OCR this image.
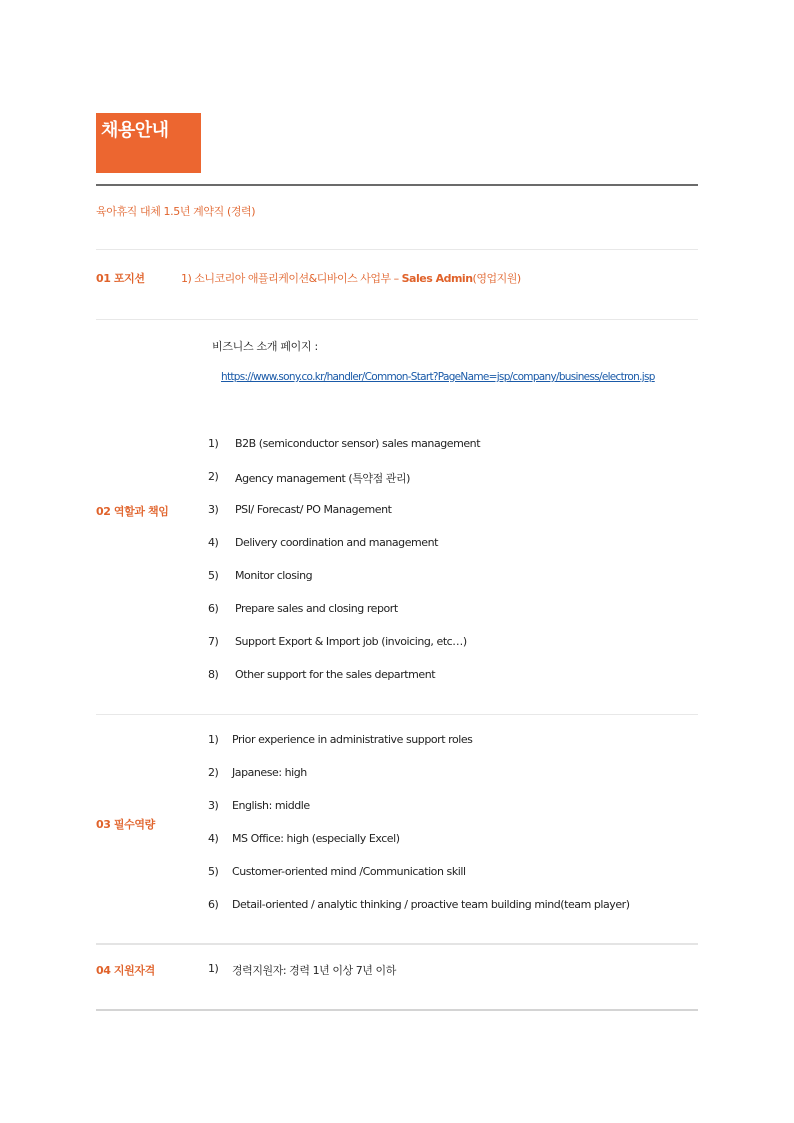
채용안내
육아휴직 대체 1.5년 계약직 (경력)
01 포지션	1) 소니코리아 애플리케이션&디바이스 사업부 – Sales Admin(영업지원)
비즈니스 소개 페이지 :
https://www.sony.co.kr/handler/Common-Start?PageName=jsp/company/business/electron.jsp
02 역할과 책임
1) B2B (semiconductor sensor) sales management
2) Agency management (특약점 관리)
3) PSI/ Forecast/ PO Management
4) Delivery coordination and management
5) Monitor closing
6) Prepare sales and closing report
7) Support Export & Import job (invoicing, etc…)
8) Other support for the sales department
03 필수역량
1) Prior experience in administrative support roles
2) Japanese: high
3) English: middle
4) MS Office: high (especially Excel)
5) Customer-oriented mind /Communication skill
6) Detail-oriented / analytic thinking / proactive team building mind(team player)
04 지원자격	1) 경력지원자: 경력 1년 이상 7년 이하
